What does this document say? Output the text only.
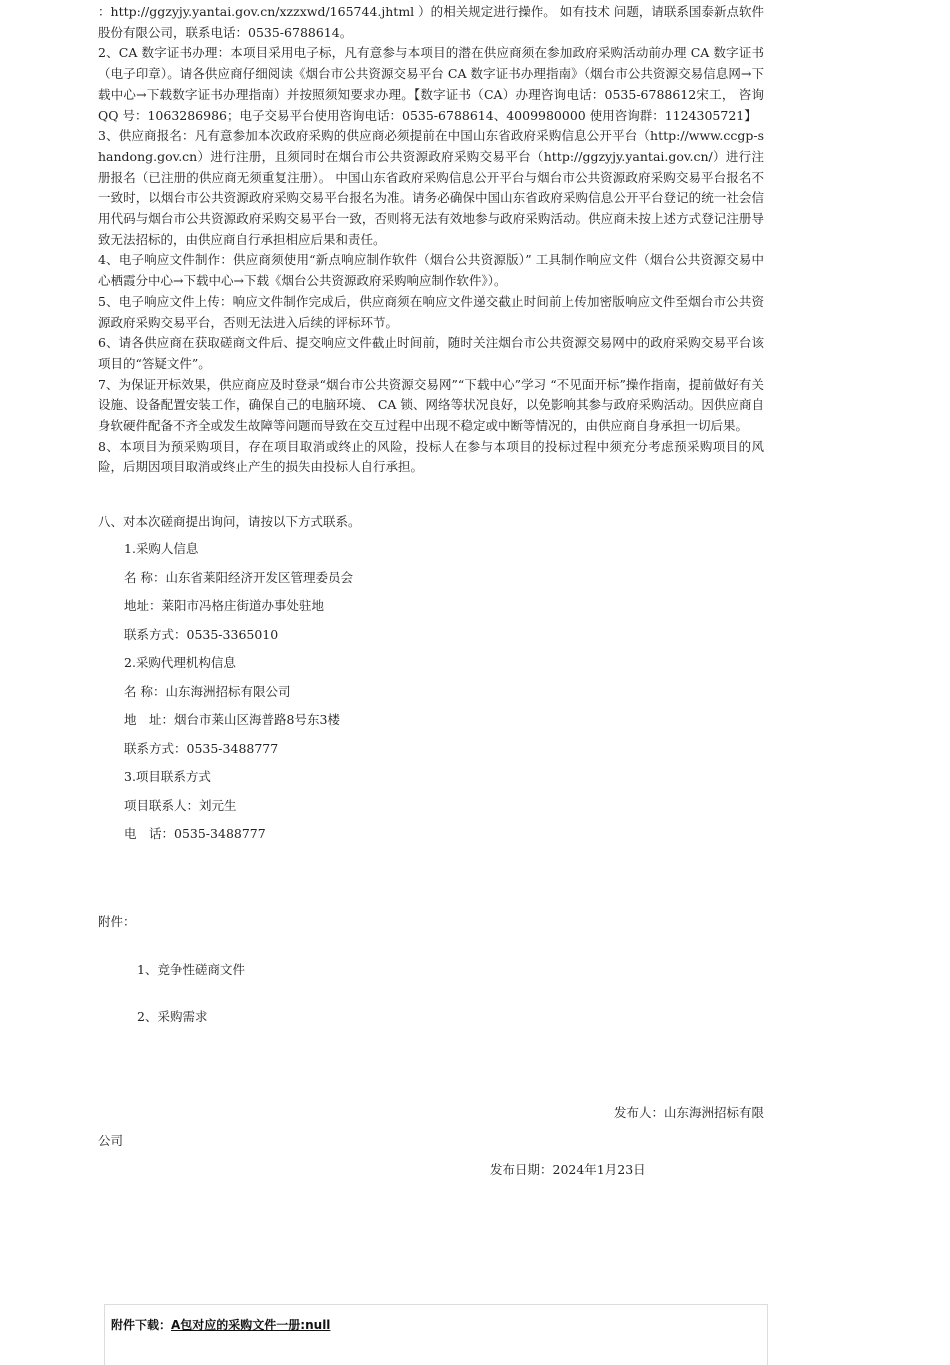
：http://ggzyjy.yantai.gov.cn/xzzxwd/165744.jhtml ）的相关规定进行操作。 如有技术 问题，请联系国泰新点软件股份有限公司，联系电话：0535-6788614。

2、CA 数字证书办理：本项目采用电子标，凡有意参与本项目的潜在供应商须在参加政府采购活动前办理 CA 数字证书（电子印章）。请各供应商仔细阅读《烟台市公共资源交易平台 CA 数字证书办理指南》（烟台市公共资源交易信息网→下载中心→下载数字证书办理指南）并按照须知要求办理。【数字证书（CA）办理咨询电话：0535-6788612宋工， 咨询 QQ 号：1063286986；电子交易平台使用咨询电话：0535-6788614、4009980000 使用咨询群：1124305721】

3、供应商报名：凡有意参加本次政府采购的供应商必须提前在中国山东省政府采购信息公开平台（http://www.ccgp-shandong.gov.cn）进行注册，且须同时在烟台市公共资源政府采购交易平台（http://ggzyjy.yantai.gov.cn/）进行注册报名（已注册的供应商无须重复注册）。 中国山东省政府采购信息公开平台与烟台市公共资源政府采购交易平台报名不一致时，以烟台市公共资源政府采购交易平台报名为准。请务必确保中国山东省政府采购信息公开平台登记的统一社会信用代码与烟台市公共资源政府采购交易平台一致，否则将无法有效地参与政府采购活动。供应商未按上述方式登记注册导致无法招标的，由供应商自行承担相应后果和责任。

4、电子响应文件制作：供应商须使用“新点响应制作软件（烟台公共资源版）” 工具制作响应文件（烟台公共资源交易中心栖霞分中心→下载中心→下载《烟台公共资源政府采购响应制作软件》）。

5、电子响应文件上传：响应文件制作完成后，供应商须在响应文件递交截止时间前上传加密版响应文件至烟台市公共资源政府采购交易平台，否则无法进入后续的评标环节。

6、请各供应商在获取磋商文件后、提交响应文件截止时间前，随时关注烟台市公共资源交易网中的政府采购交易平台该项目的“答疑文件”。

7、为保证开标效果，供应商应及时登录“烟台市公共资源交易网”“下载中心”学习 “不见面开标”操作指南，提前做好有关设施、设备配置安装工作，确保自己的电脑环境、 CA 锁、网络等状况良好，以免影响其参与政府采购活动。因供应商自身软硬件配备不齐全或发生故障等问题而导致在交互过程中出现不稳定或中断等情况的，由供应商自身承担一切后果。

8、本项目为预采购项目，存在项目取消或终止的风险，投标人在参与本项目的投标过程中须充分考虑预采购项目的风险，后期因项目取消或终止产生的损失由投标人自行承担。

八、对本次磋商提出询问，请按以下方式联系。

1.采购人信息

名 称：山东省莱阳经济开发区管理委员会

地址：莱阳市冯格庄街道办事处驻地

联系方式：0535-3365010

2.采购代理机构信息

名 称：山东海洲招标有限公司

地　址：烟台市莱山区海普路8号东3楼

联系方式：0535-3488777

3.项目联系方式

项目联系人：刘元生

电　话：0535-3488777

附件：

1、竞争性磋商文件

2、采购需求

发布人：山东海洲招标有限

公司

发布日期：2024年1月23日

附件下载：A包对应的采购文件一册:null
